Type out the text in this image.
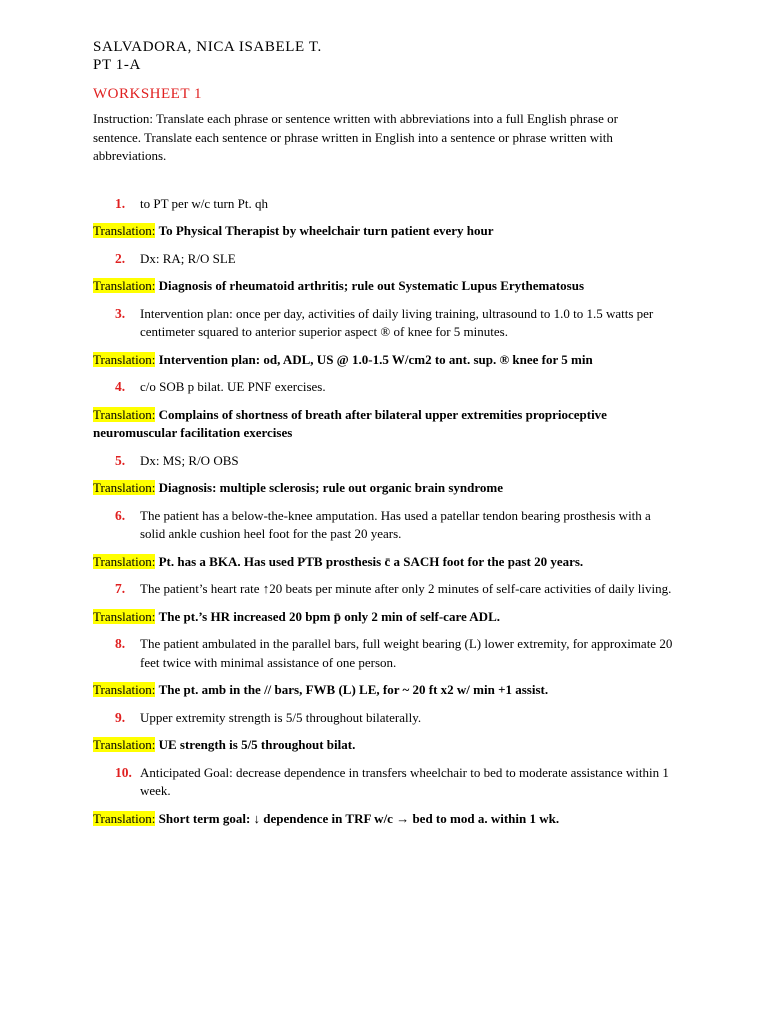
SALVADORA, NICA ISABELE T.

PT 1-A

WORKSHEET 1

Instruction: Translate each phrase or sentence written with abbreviations into a full English phrase or sentence. Translate each sentence or phrase written in English into a sentence or phrase written with abbreviations.
1. to PT per w/c turn Pt. qh
Translation: To Physical Therapist by wheelchair turn patient every hour
2. Dx: RA; R/O SLE
Translation: Diagnosis of rheumatoid arthritis; rule out Systematic Lupus Erythematosus
3. Intervention plan: once per day, activities of daily living training, ultrasound to 1.0 to 1.5 watts per centimeter squared to anterior superior aspect ® of knee for 5 minutes.
Translation: Intervention plan: od, ADL, US @ 1.0-1.5 W/cm2 to ant. sup. ® knee for 5 min
4. c/o SOB p bilat. UE PNF exercises.
Translation: Complains of shortness of breath after bilateral upper extremities proprioceptive neuromuscular facilitation exercises
5. Dx: MS; R/O OBS
Translation: Diagnosis: multiple sclerosis; rule out organic brain syndrome
6. The patient has a below-the-knee amputation. Has used a patellar tendon bearing prosthesis with a solid ankle cushion heel foot for the past 20 years.
Translation: Pt. has a BKA. Has used PTB prosthesis c̄ a SACH foot for the past 20 years.
7. The patient’s heart rate ↑20 beats per minute after only 2 minutes of self-care activities of daily living.
Translation: The pt.’s HR increased 20 bpm p̄ only 2 min of self-care ADL.
8. The patient ambulated in the parallel bars, full weight bearing (L) lower extremity, for approximate 20 feet twice with minimal assistance of one person.
Translation: The pt. amb in the // bars, FWB (L) LE, for ~ 20 ft x2 w/ min +1 assist.
9. Upper extremity strength is 5/5 throughout bilaterally.
Translation: UE strength is 5/5 throughout bilat.
10. Anticipated Goal: decrease dependence in transfers wheelchair to bed to moderate assistance within 1 week.
Translation: Short term goal: ↓ dependence in TRF w/c → bed to mod a. within 1 wk.
